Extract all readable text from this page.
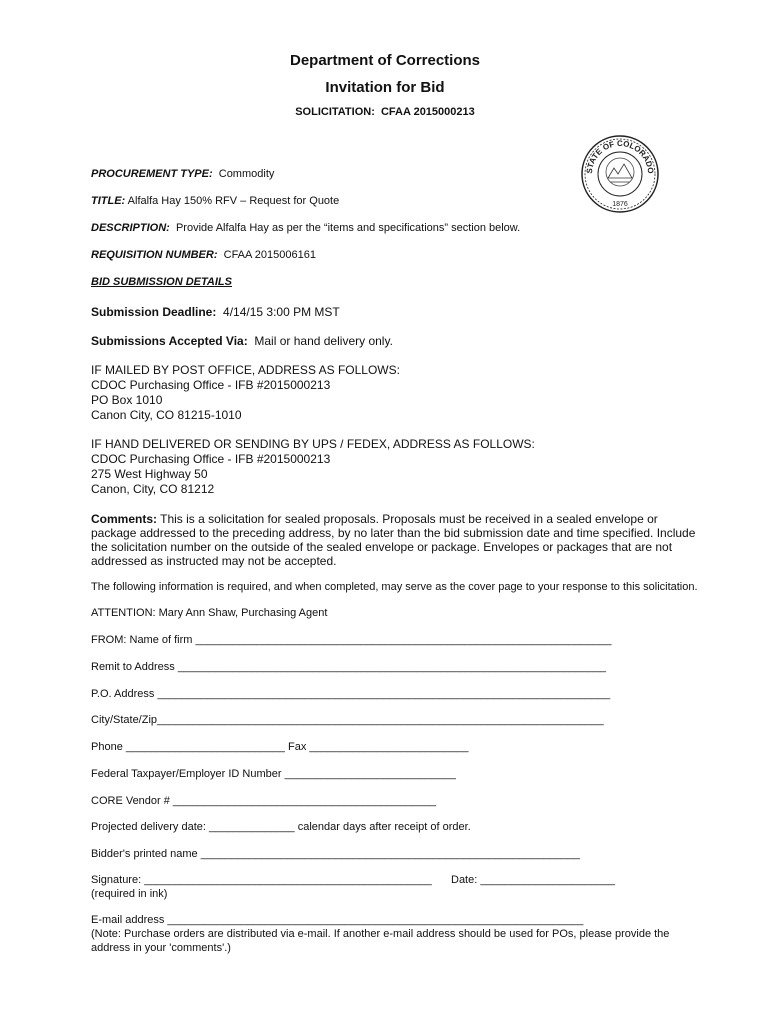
Department of Corrections
Invitation for Bid
SOLICITATION: CFAA 2015000213
STATE OF COLORADO
1876
PROCUREMENT TYPE: Commodity
TITLE: Alfalfa Hay 150% RFV – Request for Quote
DESCRIPTION: Provide Alfalfa Hay as per the “items and specifications” section below.
REQUISITION NUMBER: CFAA 2015006161
BID SUBMISSION DETAILS
Submission Deadline: 4/14/15 3:00 PM MST
Submissions Accepted Via: Mail or hand delivery only.
IF MAILED BY POST OFFICE, ADDRESS AS FOLLOWS:
CDOC Purchasing Office - IFB #2015000213
PO Box 1010
Canon City, CO 81215-1010
IF HAND DELIVERED OR SENDING BY UPS / FEDEX, ADDRESS AS FOLLOWS:
CDOC Purchasing Office - IFB #2015000213
275 West Highway 50
Canon, City, CO 81212
Comments: This is a solicitation for sealed proposals. Proposals must be received in a sealed envelope or package addressed to the preceding address, by no later than the bid submission date and time specified. Include the solicitation number on the outside of the sealed envelope or package. Envelopes or packages that are not addressed as instructed may not be accepted.
The following information is required, and when completed, may serve as the cover page to your response to this solicitation.
ATTENTION: Mary Ann Shaw, Purchasing Agent
FROM: Name of firm ____________________________________________________________________
Remit to Address ______________________________________________________________________
P.O. Address __________________________________________________________________________
City/State/Zip_________________________________________________________________________
Phone __________________________ Fax __________________________
Federal Taxpayer/Employer ID Number ____________________________
CORE Vendor # ___________________________________________
Projected delivery date: ______________ calendar days after receipt of order.
Bidder's printed name ______________________________________________________________
Signature: _______________________________________________ Date: ______________________
(required in ink)
E-mail address ____________________________________________________________________
(Note: Purchase orders are distributed via e-mail. If another e-mail address should be used for POs, please provide the
address in your 'comments'.)
